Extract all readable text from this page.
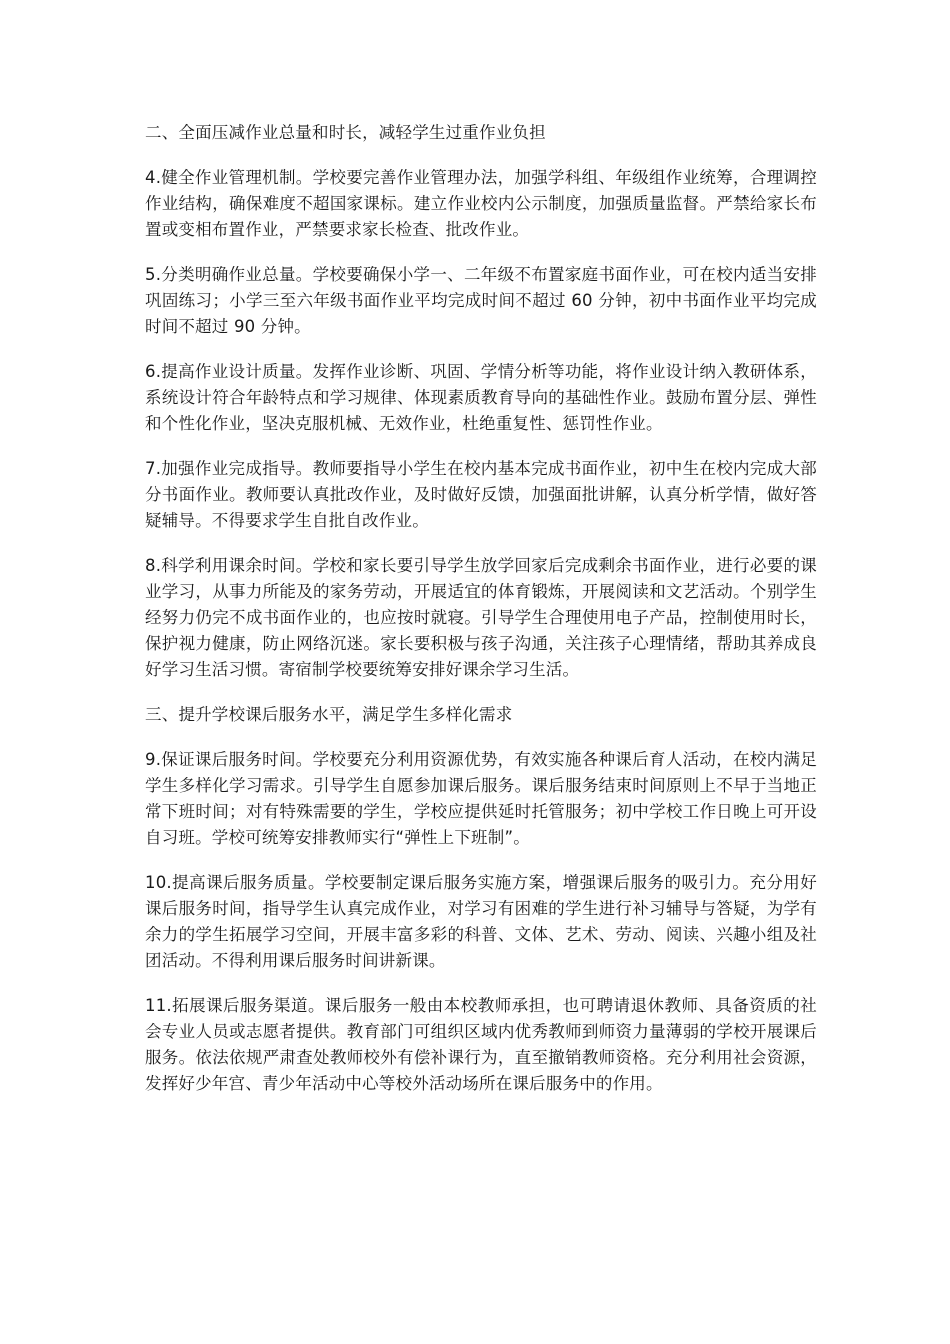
二、全面压减作业总量和时长，减轻学生过重作业负担

4.健全作业管理机制。学校要完善作业管理办法，加强学科组、年级组作业统筹，合理调控作业结构，确保难度不超国家课标。建立作业校内公示制度，加强质量监督。严禁给家长布置或变相布置作业，严禁要求家长检查、批改作业。

5.分类明确作业总量。学校要确保小学一、二年级不布置家庭书面作业，可在校内适当安排巩固练习；小学三至六年级书面作业平均完成时间不超过 60 分钟，初中书面作业平均完成时间不超过 90 分钟。

6.提高作业设计质量。发挥作业诊断、巩固、学情分析等功能，将作业设计纳入教研体系，系统设计符合年龄特点和学习规律、体现素质教育导向的基础性作业。鼓励布置分层、弹性和个性化作业，坚决克服机械、无效作业，杜绝重复性、惩罚性作业。

7.加强作业完成指导。教师要指导小学生在校内基本完成书面作业，初中生在校内完成大部分书面作业。教师要认真批改作业，及时做好反馈，加强面批讲解，认真分析学情，做好答疑辅导。不得要求学生自批自改作业。

8.科学利用课余时间。学校和家长要引导学生放学回家后完成剩余书面作业，进行必要的课业学习，从事力所能及的家务劳动，开展适宜的体育锻炼，开展阅读和文艺活动。个别学生经努力仍完不成书面作业的，也应按时就寝。引导学生合理使用电子产品，控制使用时长，保护视力健康，防止网络沉迷。家长要积极与孩子沟通，关注孩子心理情绪，帮助其养成良好学习生活习惯。寄宿制学校要统筹安排好课余学习生活。

三、提升学校课后服务水平，满足学生多样化需求

9.保证课后服务时间。学校要充分利用资源优势，有效实施各种课后育人活动，在校内满足学生多样化学习需求。引导学生自愿参加课后服务。课后服务结束时间原则上不早于当地正常下班时间；对有特殊需要的学生，学校应提供延时托管服务；初中学校工作日晚上可开设自习班。学校可统筹安排教师实行“弹性上下班制”。

10.提高课后服务质量。学校要制定课后服务实施方案，增强课后服务的吸引力。充分用好课后服务时间，指导学生认真完成作业，对学习有困难的学生进行补习辅导与答疑，为学有余力的学生拓展学习空间，开展丰富多彩的科普、文体、艺术、劳动、阅读、兴趣小组及社团活动。不得利用课后服务时间讲新课。

11.拓展课后服务渠道。课后服务一般由本校教师承担，也可聘请退休教师、具备资质的社会专业人员或志愿者提供。教育部门可组织区域内优秀教师到师资力量薄弱的学校开展课后服务。依法依规严肃查处教师校外有偿补课行为，直至撤销教师资格。充分利用社会资源，发挥好少年宫、青少年活动中心等校外活动场所在课后服务中的作用。
